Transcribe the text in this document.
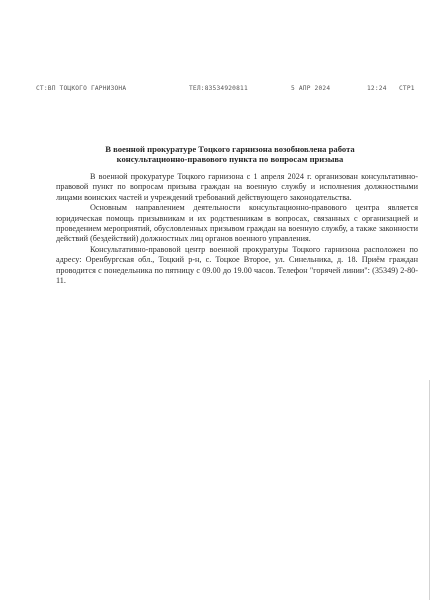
СТ:ВП ТОЦКОГО ГАРНИЗОНА	ТЕЛ:83534920811	5 АПР 2024	12:24 СТР1
В военной прокуратуре Тоцкого гарнизона возобновлена работа консультационно-правового пункта по вопросам призыва

В военной прокуратуре Тоцкого гарнизона с 1 апреля 2024 г. организован консультативно-правовой пункт по вопросам призыва граждан на военную службу и исполнения должностными лицами воинских частей и учреждений требований действующего законодательства.

Основным направлением деятельности консультационно-правового центра является юридическая помощь призывникам и их родственникам в вопросах, связанных с организацией и проведением мероприятий, обусловленных призывом граждан на военную службу, а также законности действий (бездействий) должностных лиц органов военного управления.

Консультативно-правовой центр военной прокуратуры Тоцкого гарнизона расположен по адресу: Оренбургская обл., Тоцкий р-н, с. Тоцкое Второе, ул. Синельника, д. 18. Приём граждан проводится с понедельника по пятницу с 09.00 до 19.00 часов. Телефон "горячей линии": (35349) 2-80-11.
